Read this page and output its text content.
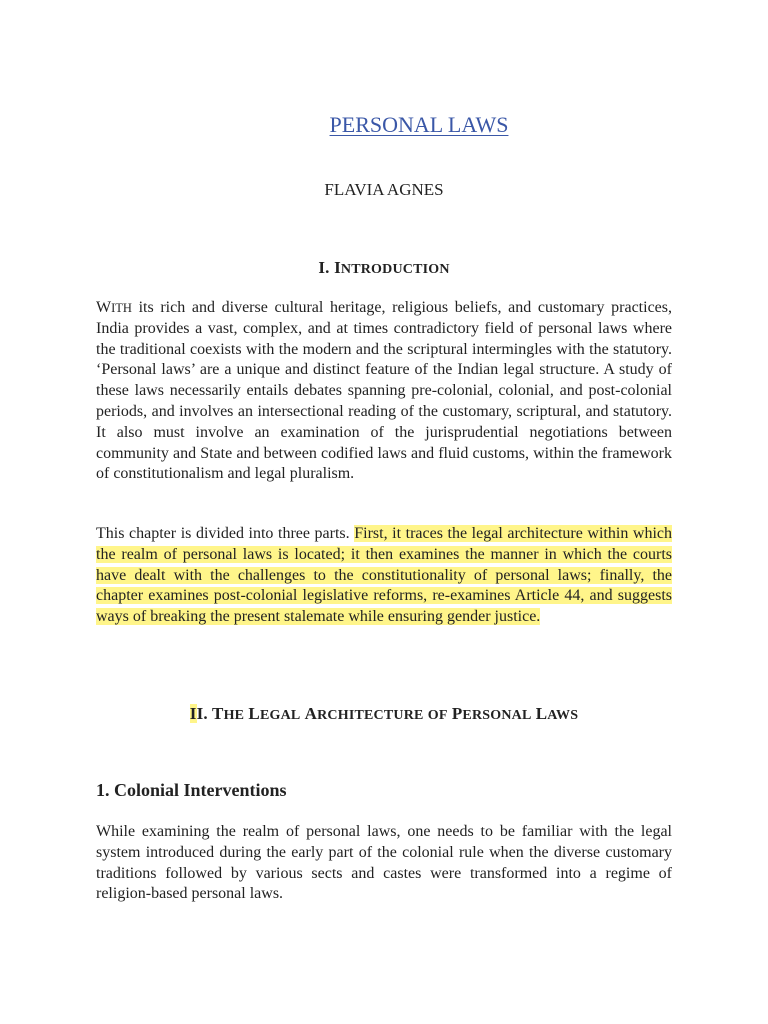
PERSONAL LAWS

FLAVIA AGNES

I. INTRODUCTION

WITH its rich and diverse cultural heritage, religious beliefs, and customary practices, India provides a vast, complex, and at times contradictory field of personal laws where the traditional coexists with the modern and the scriptural intermingles with the statutory. ‘Personal laws’ are a unique and distinct feature of the Indian legal structure. A study of these laws necessarily entails debates spanning pre-colonial, colonial, and post-colonial periods, and involves an intersectional reading of the customary, scriptural, and statutory. It also must involve an examination of the jurisprudential negotiations between community and State and between codified laws and fluid customs, within the framework of constitutionalism and legal pluralism.

This chapter is divided into three parts. First, it traces the legal architecture within which the realm of personal laws is located; it then examines the manner in which the courts have dealt with the challenges to the constitutionality of personal laws; finally, the chapter examines post-colonial legislative reforms, re-examines Article 44, and suggests ways of breaking the present stalemate while ensuring gender justice.

II. THE LEGAL ARCHITECTURE OF PERSONAL LAWS
1. Colonial Interventions

While examining the realm of personal laws, one needs to be familiar with the legal system introduced during the early part of the colonial rule when the diverse customary traditions followed by various sects and castes were transformed into a regime of religion-based personal laws.
